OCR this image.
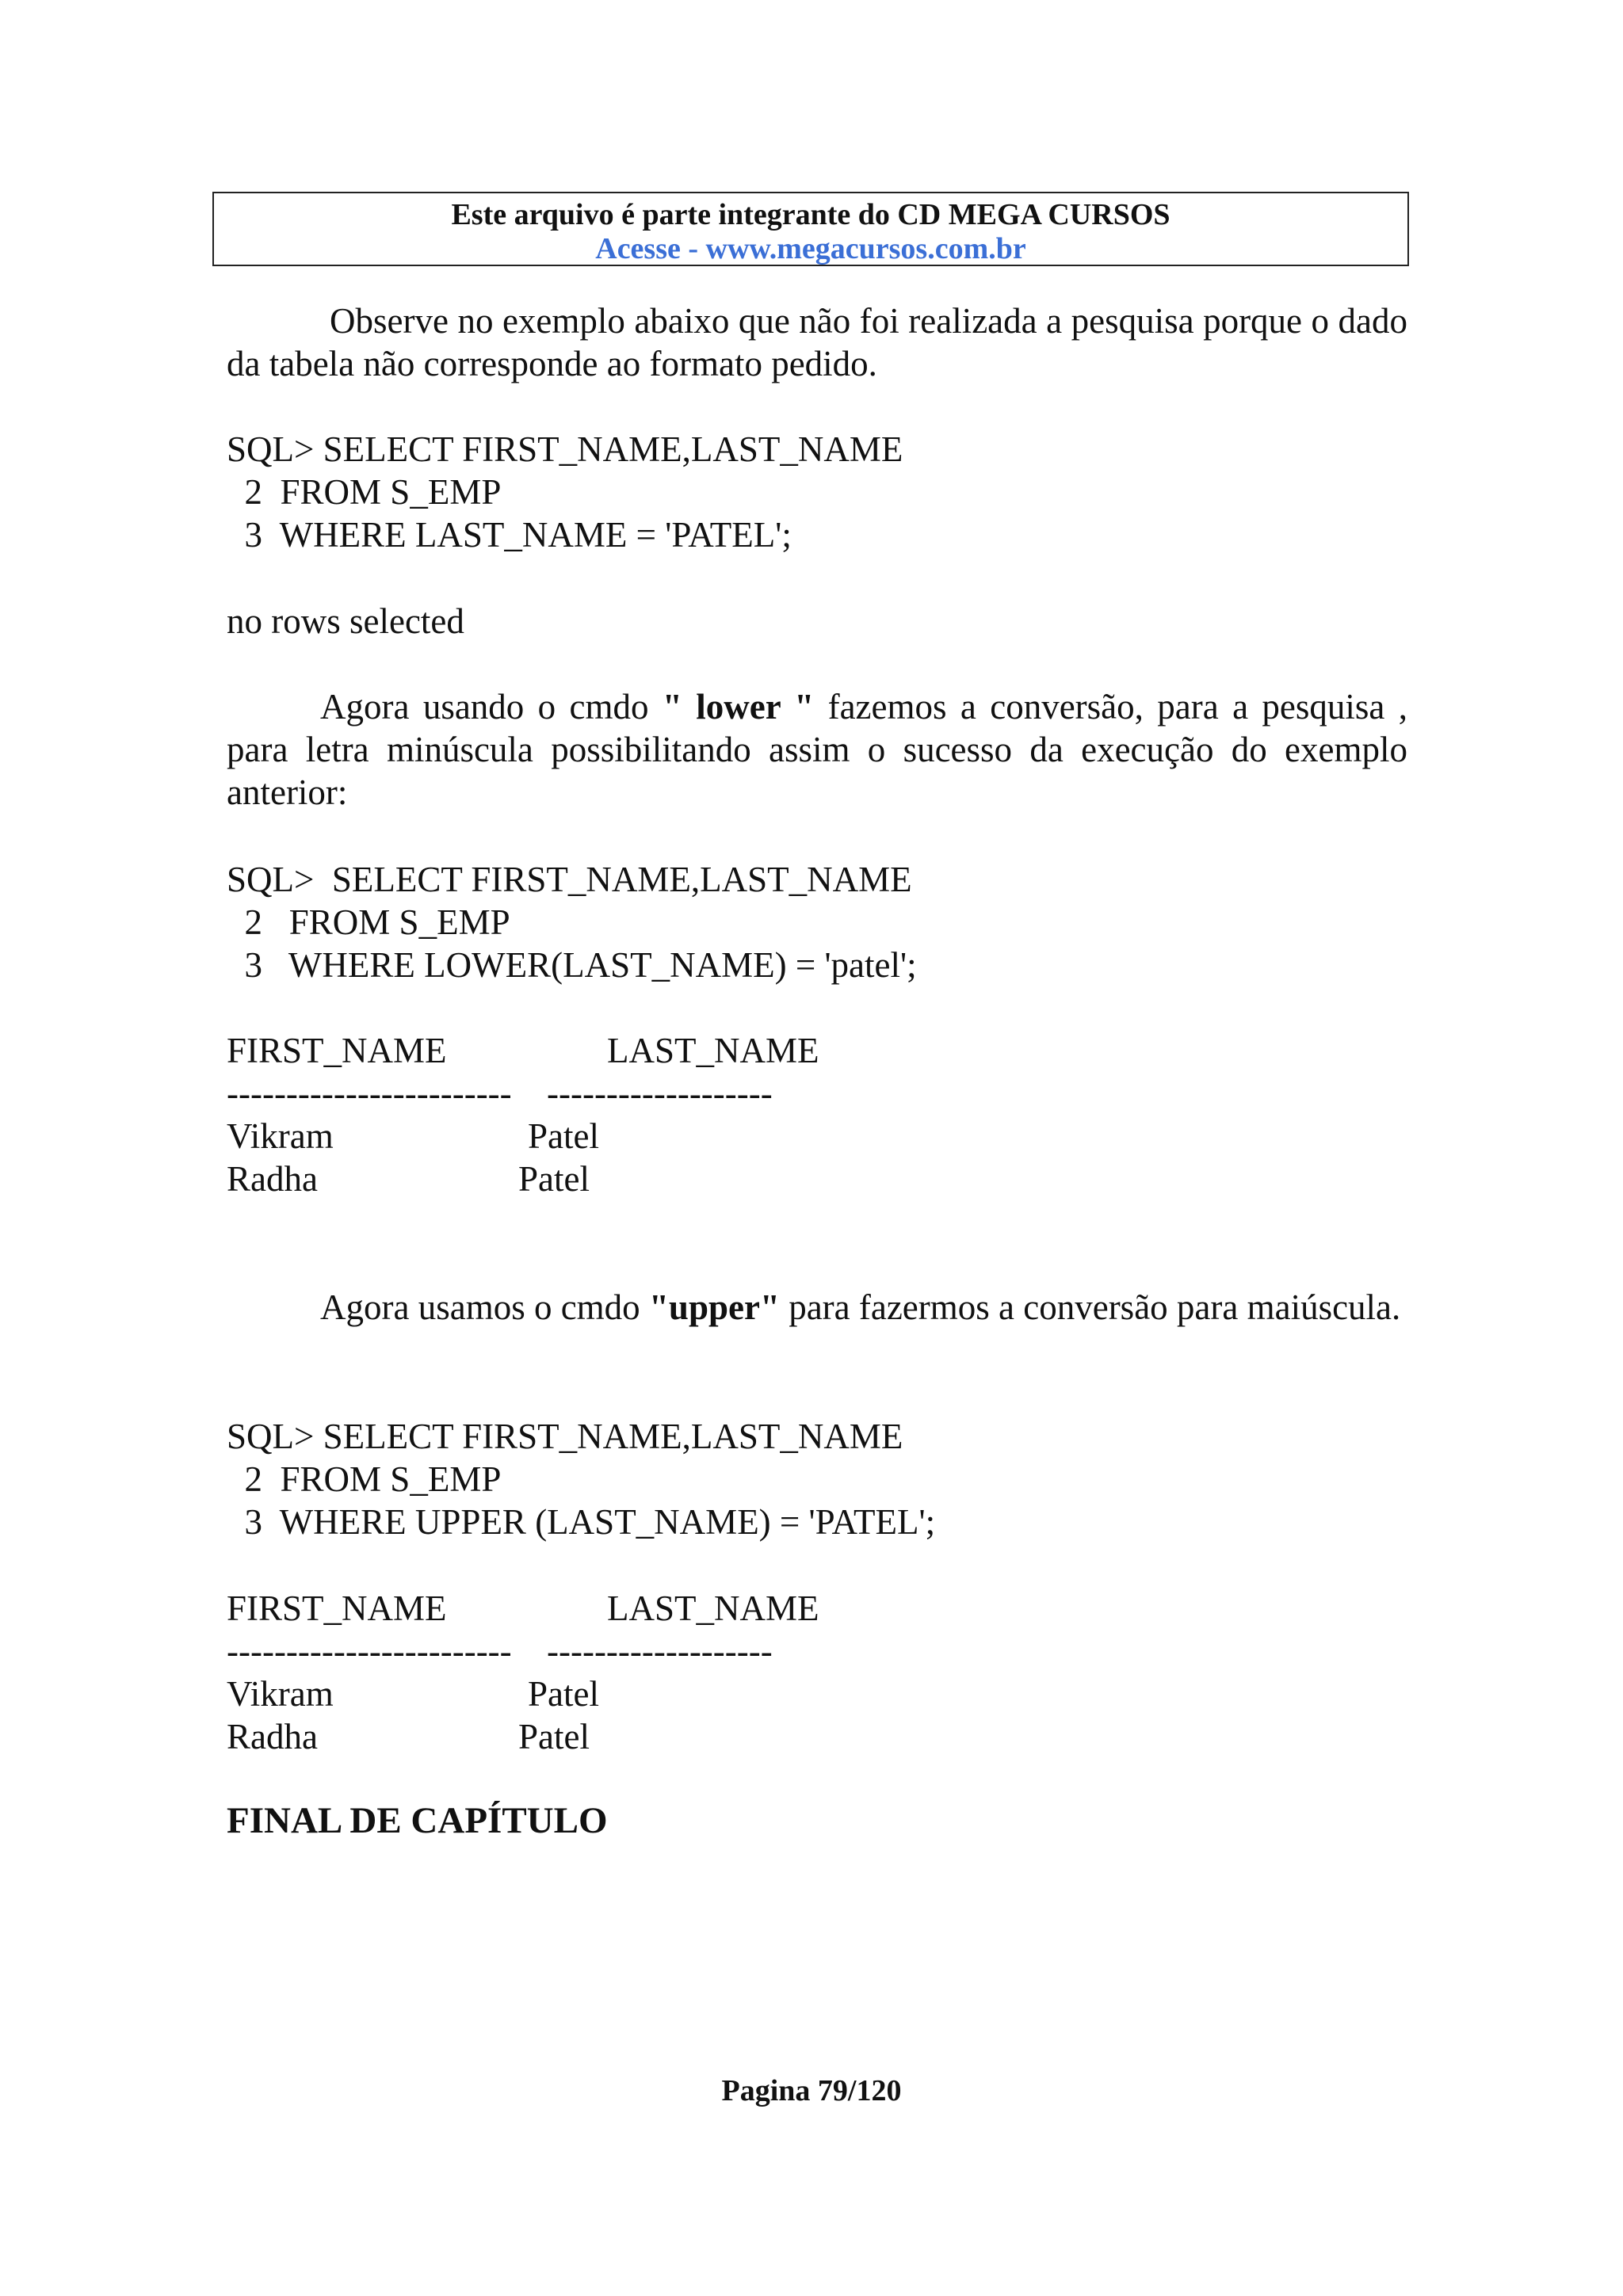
Este arquivo é parte integrante do CD MEGA CURSOS
Acesse - www.megacursos.com.br

Observe no exemplo abaixo que não foi realizada a pesquisa porque o dado da tabela não corresponde ao formato pedido.

SQL> SELECT FIRST_NAME,LAST_NAME
2  FROM S_EMP
3  WHERE LAST_NAME = 'PATEL';
no rows selected

Agora usando o cmdo " lower " fazemos a conversão, para a pesquisa , para letra minúscula possibilitando assim o sucesso da execução do exemplo anterior:

SQL>  SELECT FIRST_NAME,LAST_NAME
2   FROM S_EMP
3   WHERE LOWER(LAST_NAME) = 'patel';
FIRST_NAME	LAST_NAME
------------------------ -------------------
Vikram	Patel
Radha	Patel

Agora usamos o cmdo "upper" para fazermos a conversão para maiúscula.

SQL> SELECT FIRST_NAME,LAST_NAME
2  FROM S_EMP
3  WHERE UPPER (LAST_NAME) = 'PATEL';
FIRST_NAME	LAST_NAME
------------------------ -------------------
Vikram	Patel
Radha	Patel
FINAL DE CAPÍTULO
Pagina 79/120
